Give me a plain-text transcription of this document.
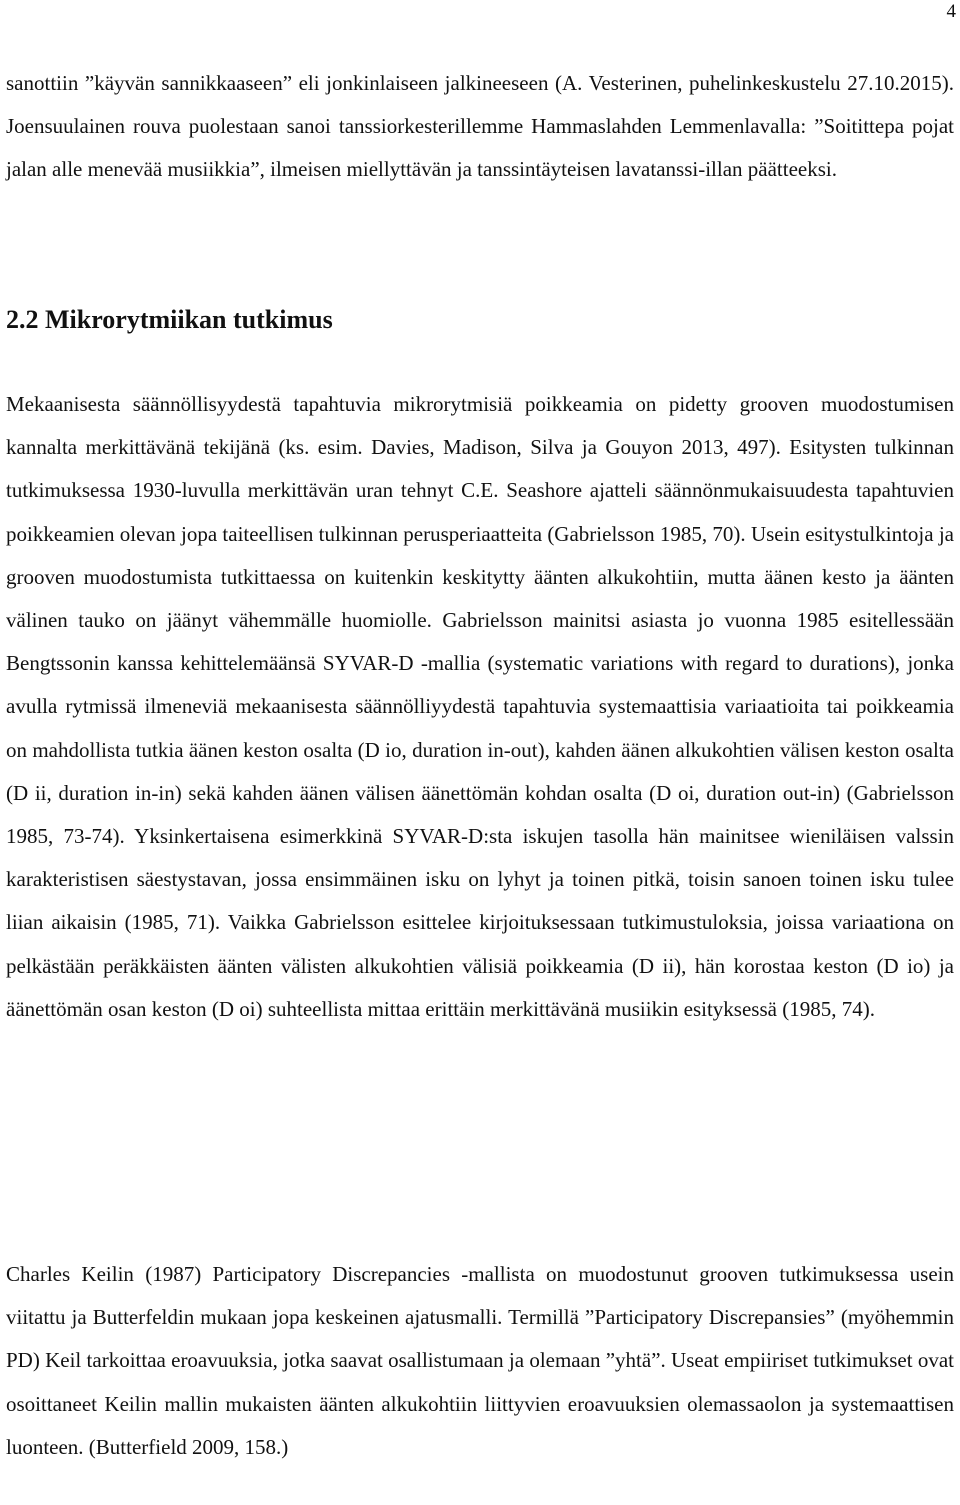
4

sanottiin ”käyvän sannikkaaseen” eli jonkinlaiseen jalkineeseen (A. Vesterinen, puhelinkeskustelu 27.10.2015). Joensuulainen rouva puolestaan sanoi tanssiorkesterillemme Hammaslahden Lemmenlavalla: ”Soitittepa pojat jalan alle menevää musiikkia”, ilmeisen miellyttävän ja tanssintäyteisen lavatanssi-illan päätteeksi.

2.2 Mikrorytmiikan tutkimus

Mekaanisesta säännöllisyydestä tapahtuvia mikrorytmisiä poikkeamia on pidetty grooven muodostumisen kannalta merkittävänä tekijänä (ks. esim. Davies, Madison, Silva ja Gouyon 2013, 497). Esitysten tulkinnan tutkimuksessa 1930-luvulla merkittävän uran tehnyt C.E. Seashore ajatteli säännönmukaisuudesta tapahtuvien poikkeamien olevan jopa taiteellisen tulkinnan perusperiaatteita (Gabrielsson 1985, 70). Usein esitystulkintoja ja grooven muodostumista tutkittaessa on kuitenkin keskitytty äänten alkukohtiin, mutta äänen kesto ja äänten välinen tauko on jäänyt vähemmälle huomiolle. Gabrielsson mainitsi asiasta jo vuonna 1985 esitellessään Bengtssonin kanssa kehittelemäänsä SYVAR-D -mallia (systematic variations with regard to durations), jonka avulla rytmissä ilmeneviä mekaanisesta säännölliyydestä tapahtuvia systemaattisia variaatioita tai poikkeamia on mahdollista tutkia äänen keston osalta (D io, duration in-out), kahden äänen alkukohtien välisen keston osalta (D ii, duration in-in) sekä kahden äänen välisen äänettömän kohdan osalta (D oi, duration out-in) (Gabrielsson 1985, 73-74). Yksinkertaisena esimerkkinä SYVAR-D:sta iskujen tasolla hän mainitsee wieniläisen valssin karakteristisen säestystavan, jossa ensimmäinen isku on lyhyt ja toinen pitkä, toisin sanoen toinen isku tulee liian aikaisin (1985, 71). Vaikka Gabrielsson esittelee kirjoituksessaan tutkimustuloksia, joissa variaationa on pelkästään peräkkäisten äänten välisten alkukohtien välisiä poikkeamia (D ii), hän korostaa keston (D io) ja äänettömän osan keston (D oi) suhteellista mittaa erittäin merkittävänä musiikin esityksessä (1985, 74).

Charles Keilin (1987) Participatory Discrepancies -mallista on muodostunut grooven tutkimuksessa usein viitattu ja Butterfeldin mukaan jopa keskeinen ajatusmalli. Termillä ”Participatory Discrepansies” (myöhemmin PD) Keil tarkoittaa eroavuuksia, jotka saavat osallistumaan ja olemaan ”yhtä”. Useat empiiriset tutkimukset ovat osoittaneet Keilin mallin mukaisten äänten alkukohtiin liittyvien eroavuuksien olemassaolon ja systemaattisen luonteen. (Butterfield 2009, 158.)
